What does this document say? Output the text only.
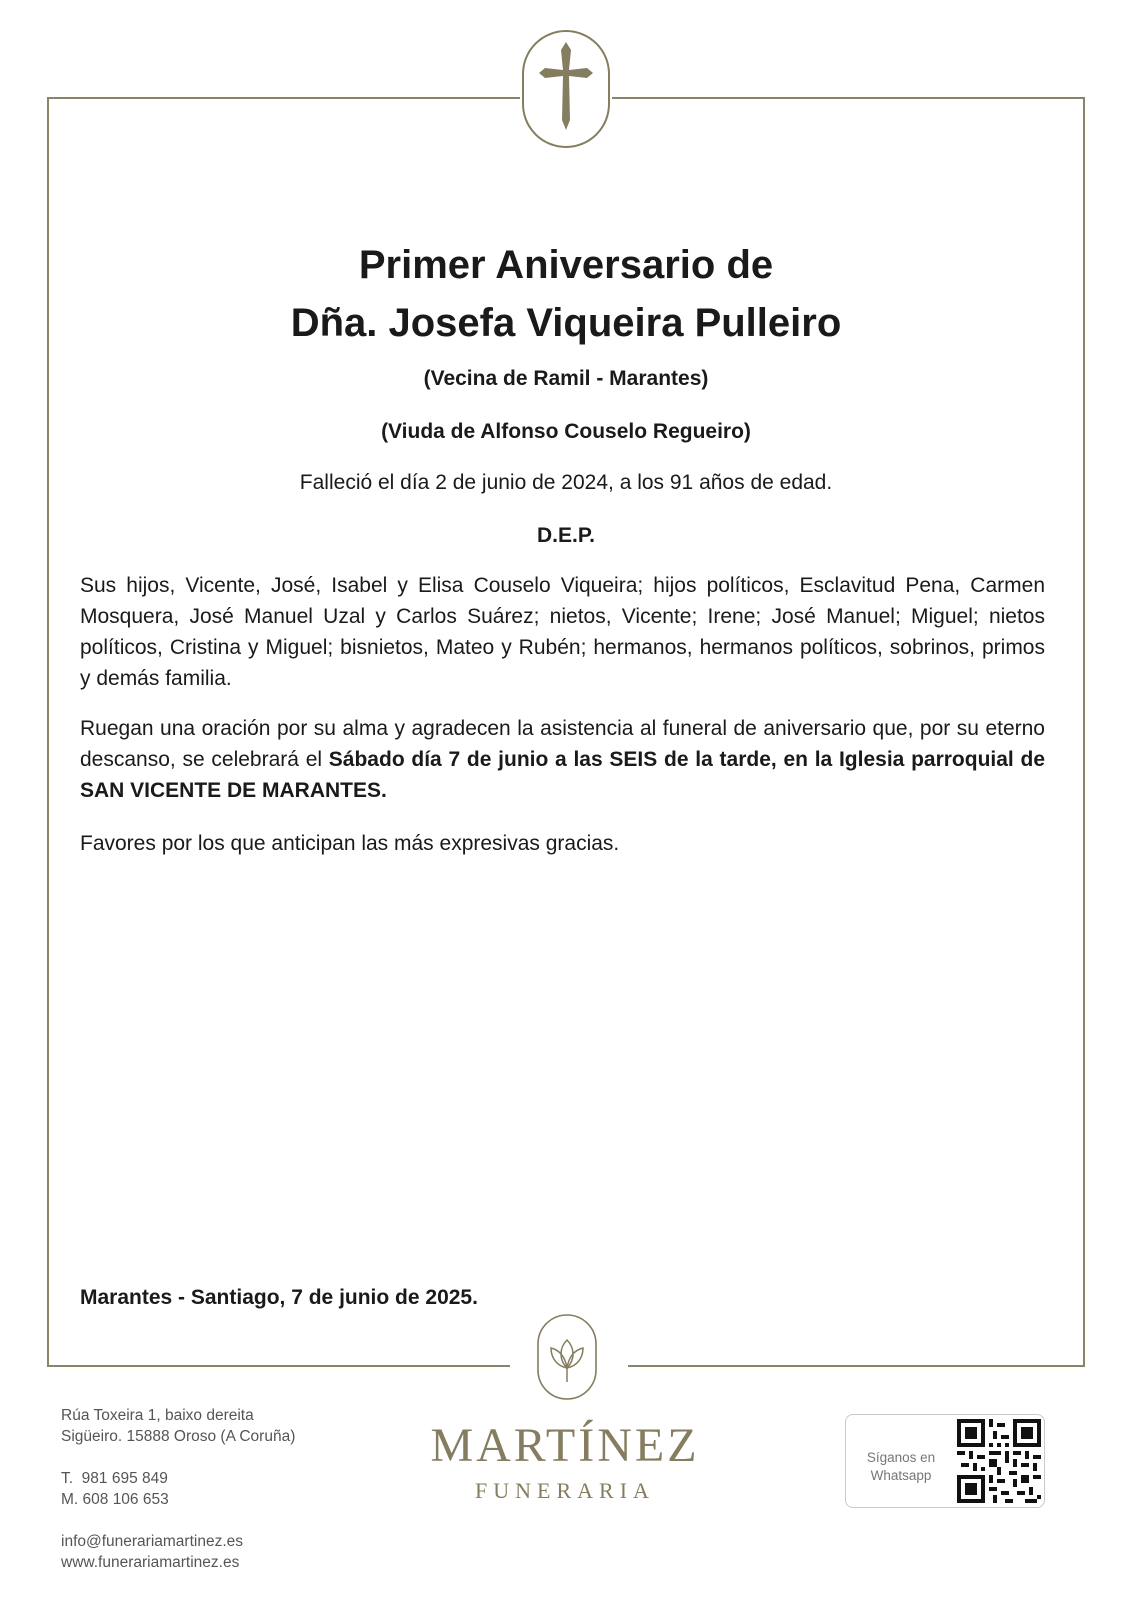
Primer Aniversario de
Dña. Josefa Viqueira Pulleiro
(Vecina de Ramil - Marantes)
(Viuda de Alfonso Couselo Regueiro)
Falleció el día 2 de junio de 2024, a los 91 años de edad.
D.E.P.
Sus hijos, Vicente, José, Isabel y Elisa Couselo Viqueira; hijos políticos, Esclavitud Pena, Carmen Mosquera, José Manuel Uzal y Carlos Suárez; nietos, Vicente; Irene; José Manuel; Miguel; nietos políticos, Cristina y Miguel; bisnietos, Mateo y Rubén; hermanos, hermanos políticos, sobrinos, primos y demás familia.
Ruegan una oración por su alma y agradecen la asistencia al funeral de aniversario que, por su eterno descanso, se celebrará el Sábado día 7 de junio a las SEIS de la tarde, en la Iglesia parroquial de SAN VICENTE DE MARANTES.
Favores por los que anticipan las más expresivas gracias.
Marantes - Santiago, 7 de junio de 2025.
Rúa Toxeira 1, baixo dereita
Sigüeiro. 15888 Oroso (A Coruña)
T.  981 695 849
M. 608 106 653
info@funerariamartinez.es
www.funerariamartinez.es
MARTÍNEZ
FUNERARIA
Síganos en
Whatsapp
